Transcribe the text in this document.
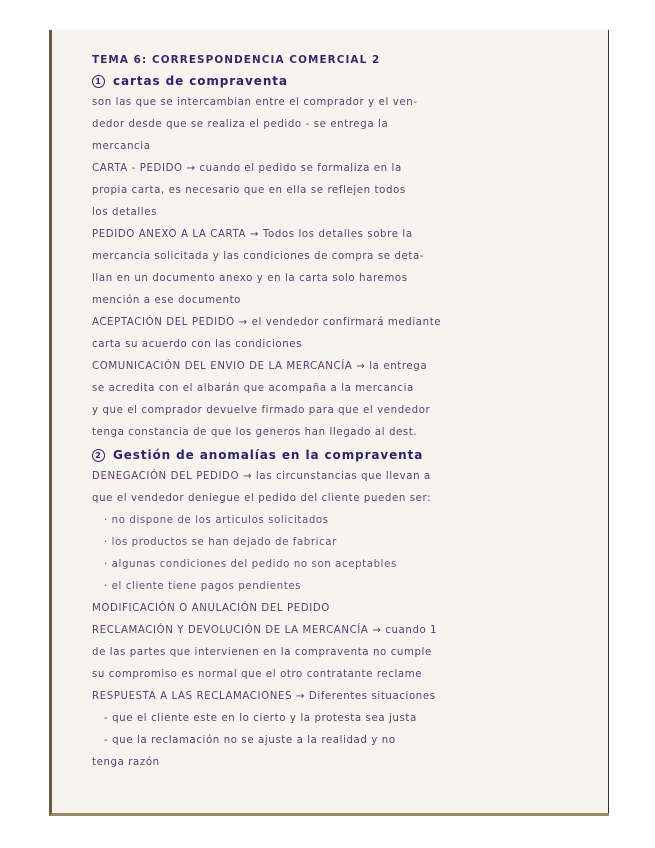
TEMA 6: CORRESPONDENCIA COMERCIAL 2
1 cartas de compraventa
son las que se intercambian entre el comprador y el ven-
dedor desde que se realiza el pedido - se entrega la
mercancia
CARTA - PEDIDO → cuando el pedido se formaliza en la
propia carta, es necesario que en ella se reflejen todos
los detalles
PEDIDO ANEXO A LA CARTA → Todos los detalles sobre la
mercancia solicitada y las condiciones de compra se deta-
llan en un documento anexo y en la carta solo haremos
mención a ese documento
ACEPTACIÓN DEL PEDIDO → el vendedor confirmará mediante
carta su acuerdo con las condiciones
COMUNICACIÓN DEL ENVIO DE LA MERCANCÍA → la entrega
se acredita con el albarán que acompaña a la mercancia
y que el comprador devuelve firmado para que el vendedor
tenga constancia de que los generos han llegado al dest.
2 Gestión de anomalías en la compraventa
DENEGACIÓN DEL PEDIDO → las circunstancias que llevan a
que el vendedor deniegue el pedido del cliente pueden ser:
· no dispone de los articulos solicitados
· los productos se han dejado de fabricar
· algunas condiciones del pedido no son aceptables
· el cliente tiene pagos pendientes
MODIFICACIÓN O ANULACIÓN DEL PEDIDO
RECLAMACIÓN Y DEVOLUCIÓN DE LA MERCANCÍA → cuando 1
de las partes que intervienen en la compraventa no cumple
su compromiso es normal que el otro contratante reclame
RESPUESTA A LAS RECLAMACIONES → Diferentes situaciones
- que el cliente este en lo cierto y la protesta sea justa
- que la reclamación no se ajuste a la realidad y no
tenga razón
